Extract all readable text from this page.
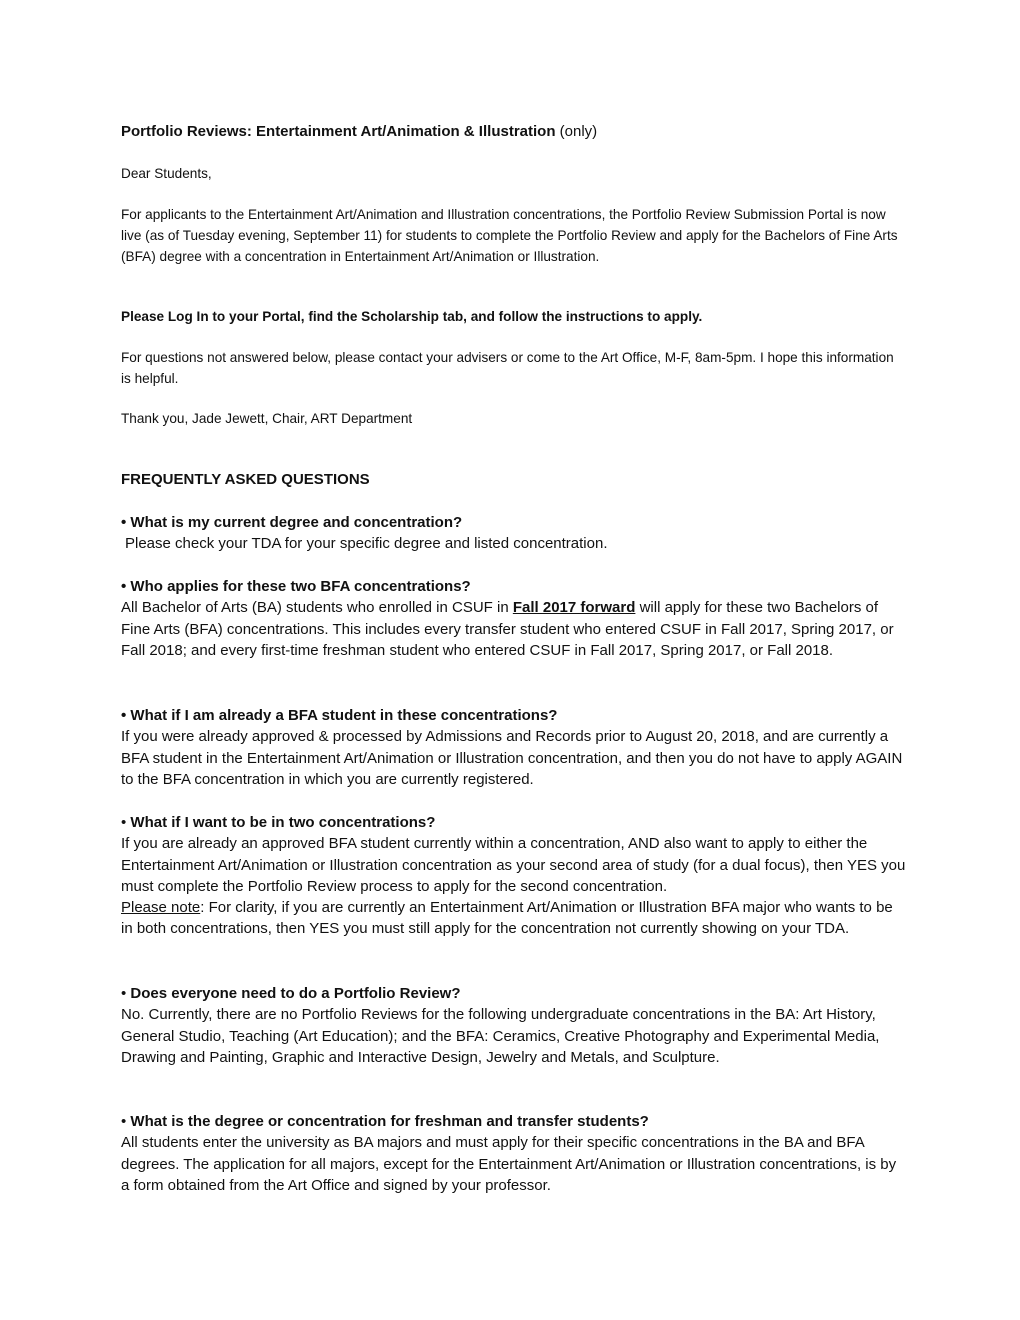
Portfolio Reviews: Entertainment Art/Animation & Illustration (only)

Dear Students,

For applicants to the Entertainment Art/Animation and Illustration concentrations, the Portfolio Review Submission Portal is now live (as of Tuesday evening, September 11) for students to complete the Portfolio Review and apply for the Bachelors of Fine Arts (BFA) degree with a concentration in Entertainment Art/Animation or Illustration.

Please Log In to your Portal, find the Scholarship tab, and follow the instructions to apply.

For questions not answered below, please contact your advisers or come to the Art Office, M-F, 8am-5pm. I hope this information is helpful.

Thank you, Jade Jewett, Chair, ART Department

FREQUENTLY ASKED QUESTIONS

• What is my current degree and concentration?

Please check your TDA for your specific degree and listed concentration.

• Who applies for these two BFA concentrations?

All Bachelor of Arts (BA) students who enrolled in CSUF in Fall 2017 forward will apply for these two Bachelors of Fine Arts (BFA) concentrations. This includes every transfer student who entered CSUF in Fall 2017, Spring 2017, or Fall 2018; and every first-time freshman student who entered CSUF in Fall 2017, Spring 2017, or Fall 2018.

• What if I am already a BFA student in these concentrations?

If you were already approved & processed by Admissions and Records prior to August 20, 2018, and are currently a BFA student in the Entertainment Art/Animation or Illustration concentration, and then you do not have to apply AGAIN to the BFA concentration in which you are currently registered.

• What if I want to be in two concentrations?

If you are already an approved BFA student currently within a concentration, AND also want to apply to either the Entertainment Art/Animation or Illustration concentration as your second area of study (for a dual focus), then YES you must complete the Portfolio Review process to apply for the second concentration.

Please note: For clarity, if you are currently an Entertainment Art/Animation or Illustration BFA major who wants to be in both concentrations, then YES you must still apply for the concentration not currently showing on your TDA.

• Does everyone need to do a Portfolio Review?

No. Currently, there are no Portfolio Reviews for the following undergraduate concentrations in the BA: Art History, General Studio, Teaching (Art Education); and the BFA: Ceramics, Creative Photography and Experimental Media, Drawing and Painting, Graphic and Interactive Design, Jewelry and Metals, and Sculpture.

• What is the degree or concentration for freshman and transfer students?

All students enter the university as BA majors and must apply for their specific concentrations in the BA and BFA degrees. The application for all majors, except for the Entertainment Art/Animation or Illustration concentrations, is by a form obtained from the Art Office and signed by your professor.
